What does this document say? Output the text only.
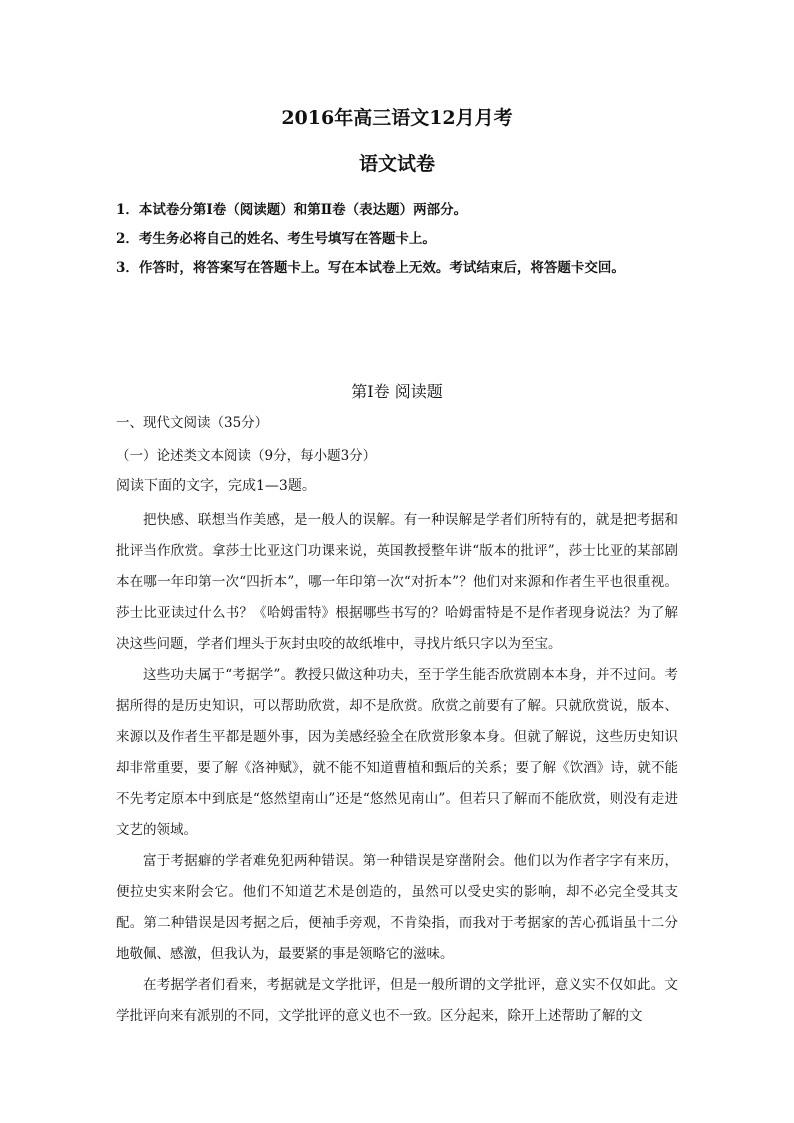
2016年高三语文12月月考
语文试卷
1．本试卷分第Ⅰ卷（阅读题）和第Ⅱ卷（表达题）两部分。
2．考生务必将自己的姓名、考生号填写在答题卡上。
3．作答时，将答案写在答题卡上。写在本试卷上无效。考试结束后，将答题卡交回。
第Ⅰ卷 阅读题
一、现代文阅读（35分）
（一）论述类文本阅读（9分，每小题3分）
阅读下面的文字，完成1—3题。

把快感、联想当作美感，是一般人的误解。有一种误解是学者们所特有的，就是把考据和批评当作欣赏。拿莎士比亚这门功课来说，英国教授整年讲“版本的批评”，莎士比亚的某部剧本在哪一年印第一次“四折本”，哪一年印第一次“对折本”？他们对来源和作者生平也很重视。莎士比亚读过什么书？《哈姆雷特》根据哪些书写的？哈姆雷特是不是作者现身说法？为了解决这些问题，学者们埋头于灰封虫咬的故纸堆中，寻找片纸只字以为至宝。

这些功夫属于“考据学”。教授只做这种功夫，至于学生能否欣赏剧本本身，并不过问。考据所得的是历史知识，可以帮助欣赏，却不是欣赏。欣赏之前要有了解。只就欣赏说，版本、来源以及作者生平都是题外事，因为美感经验全在欣赏形象本身。但就了解说，这些历史知识却非常重要，要了解《洛神赋》，就不能不知道曹植和甄后的关系；要了解《饮酒》诗，就不能不先考定原本中到底是“悠然望南山”还是“悠然见南山”。但若只了解而不能欣赏，则没有走进文艺的领域。

富于考据癖的学者难免犯两种错误。第一种错误是穿凿附会。他们以为作者字字有来历，便拉史实来附会它。他们不知道艺术是创造的，虽然可以受史实的影响，却不必完全受其支配。第二种错误是因考据之后，便袖手旁观，不肯染指，而我对于考据家的苦心孤诣虽十二分地敬佩、感激，但我认为，最要紧的事是领略它的滋味。

在考据学者们看来，考据就是文学批评，但是一般所谓的文学批评，意义实不仅如此。文学批评向来有派别的不同，文学批评的意义也不一致。区分起来，除开上述帮助了解的文
